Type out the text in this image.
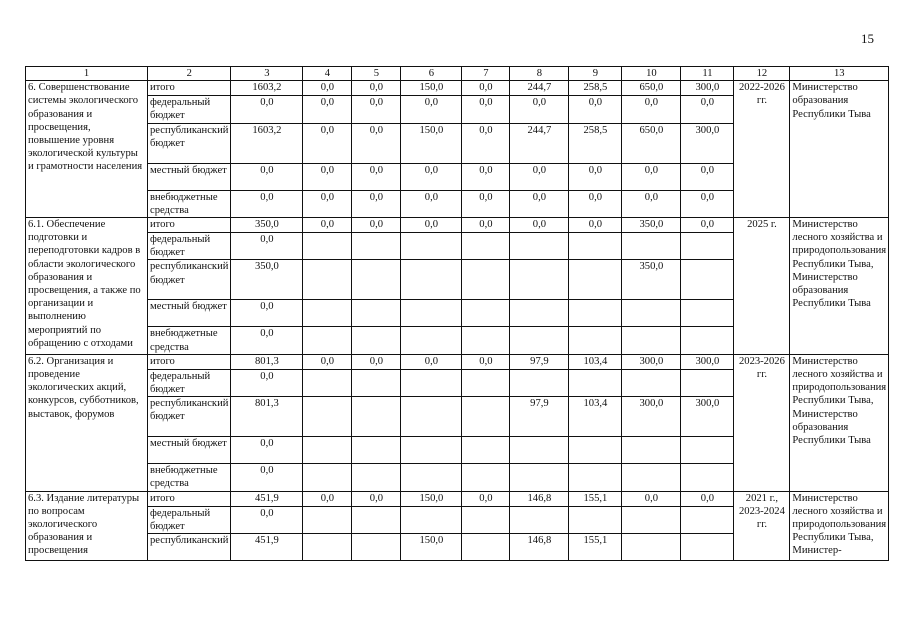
15
1	2	3	4	5	6	7	8	9	10	11	12	13
6. Совершенствование системы экологического образования и просвещения, повышение уровня экологической культуры и грамотности населения	итого	1603,2	0,0	0,0	150,0	0,0	244,7	258,5	650,0	300,0	2022-2026 гг.	Министерство образования Республики Тыва
	федеральный бюджет	0,0	0,0	0,0	0,0	0,0	0,0	0,0	0,0	0,0		
	республиканский бюджет	1603,2	0,0	0,0	150,0	0,0	244,7	258,5	650,0	300,0		
	местный бюджет	0,0	0,0	0,0	0,0	0,0	0,0	0,0	0,0	0,0		
	внебюджетные средства	0,0	0,0	0,0	0,0	0,0	0,0	0,0	0,0	0,0		
6.1. Обеспечение подготовки и переподготовки кадров в области экологического образования и просвещения, а также по организации и выполнению мероприятий по обращению с отходами	итого	350,0	0,0	0,0	0,0	0,0	0,0	0,0	350,0	0,0	2025 г.	Министерство лесного хозяйства и природопользования Республики Тыва, Министерство образования Республики Тыва
	федеральный бюджет	0,0										
	республиканский бюджет	350,0							350,0			
	местный бюджет	0,0										
	внебюджетные средства	0,0										
6.2. Организация и проведение экологических акций, конкурсов, субботников, выставок, форумов	итого	801,3	0,0	0,0	0,0	0,0	97,9	103,4	300,0	300,0	2023-2026 гг.	Министерство лесного хозяйства и природопользования Республики Тыва, Министерство образования Республики Тыва
	федеральный бюджет	0,0										
	республиканский бюджет	801,3					97,9	103,4	300,0	300,0		
	местный бюджет	0,0										
	внебюджетные средства	0,0										
6.3. Издание литературы по вопросам экологического образования и просвещения	итого	451,9	0,0	0,0	150,0	0,0	146,8	155,1	0,0	0,0	2021 г., 2023-2024 гг.	Министерство лесного хозяйства и природопользования Республики Тыва, Министер-
	федеральный бюджет	0,0										
	республиканский	451,9			150,0		146,8	155,1				
